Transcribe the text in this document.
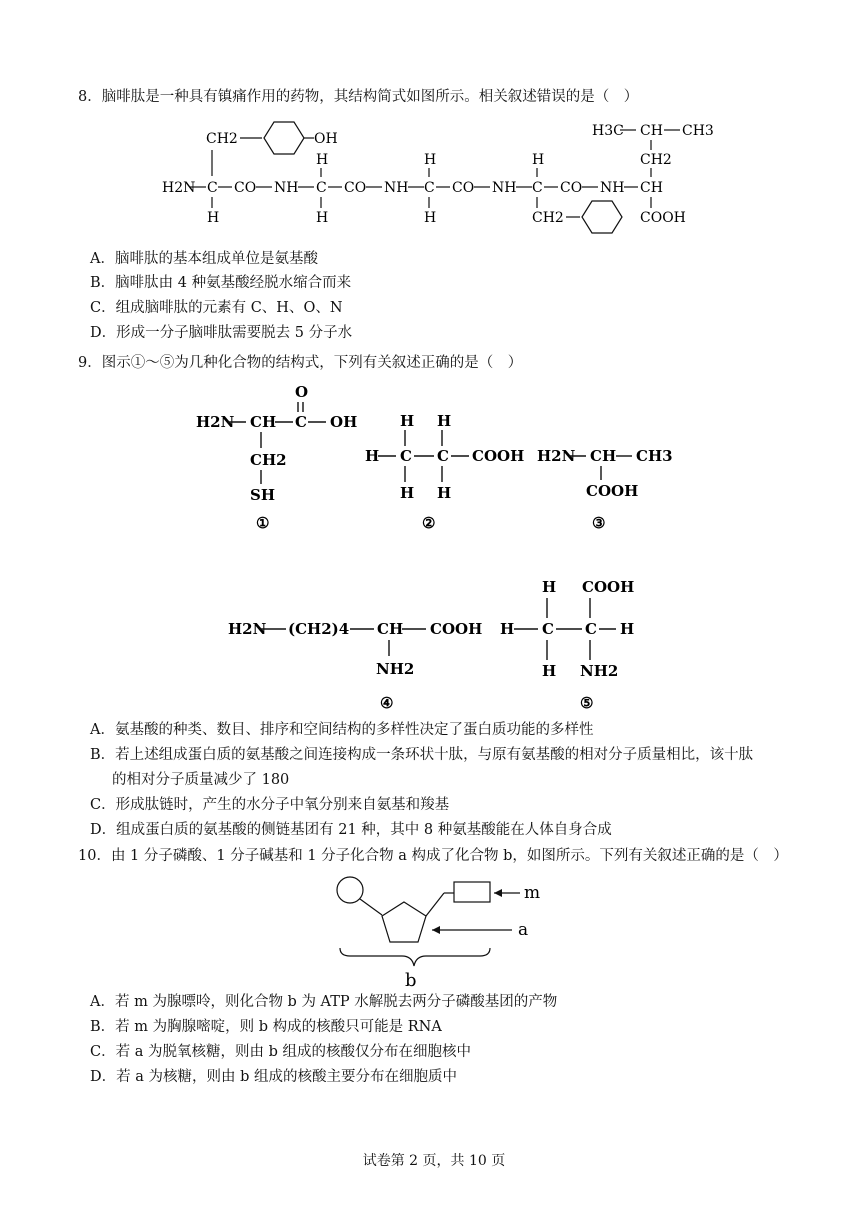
8．脑啡肽是一种具有镇痛作用的药物，其结构简式如图所示。相关叙述错误的是（　）
CH2	OH
H2N C
H
CO NH
H
C
H
CO NH
H
C
H
CO NH
H
C
CH2
CO NH CH
COOH
CH2
H3C CH CH3
H2N CH C
O
OH
CH2
SH
①
H C
H
H
C
H
H
COOH
②
H2N CH CH3
COOH
③
H2N (CH2)4 CH COOH
NH2
④
H C
H
H
C
COOH
NH2
H
⑤
m
a
b
A．脑啡肽的基本组成单位是氨基酸
B．脑啡肽由 4 种氨基酸经脱水缩合而来
C．组成脑啡肽的元素有 C、H、O、N
D．形成一分子脑啡肽需要脱去 5 分子水
9．图示①～⑤为几种化合物的结构式，下列有关叙述正确的是（　）
A．氨基酸的种类、数目、排序和空间结构的多样性决定了蛋白质功能的多样性
B．若上述组成蛋白质的氨基酸之间连接构成一条环状十肽，与原有氨基酸的相对分子质量相比，该十肽
的相对分子质量减少了 180
C．形成肽链时，产生的水分子中氧分别来自氨基和羧基
D．组成蛋白质的氨基酸的侧链基团有 21 种，其中 8 种氨基酸能在人体自身合成
10．由 1 分子磷酸、1 分子碱基和 1 分子化合物 a 构成了化合物 b，如图所示。下列有关叙述正确的是（　）
A．若 m 为腺嘌呤，则化合物 b 为 ATP 水解脱去两分子磷酸基团的产物
B．若 m 为胸腺嘧啶，则 b 构成的核酸只可能是 RNA
C．若 a 为脱氧核糖，则由 b 组成的核酸仅分布在细胞核中
D．若 a 为核糖，则由 b 组成的核酸主要分布在细胞质中
试卷第 2 页，共 10 页
